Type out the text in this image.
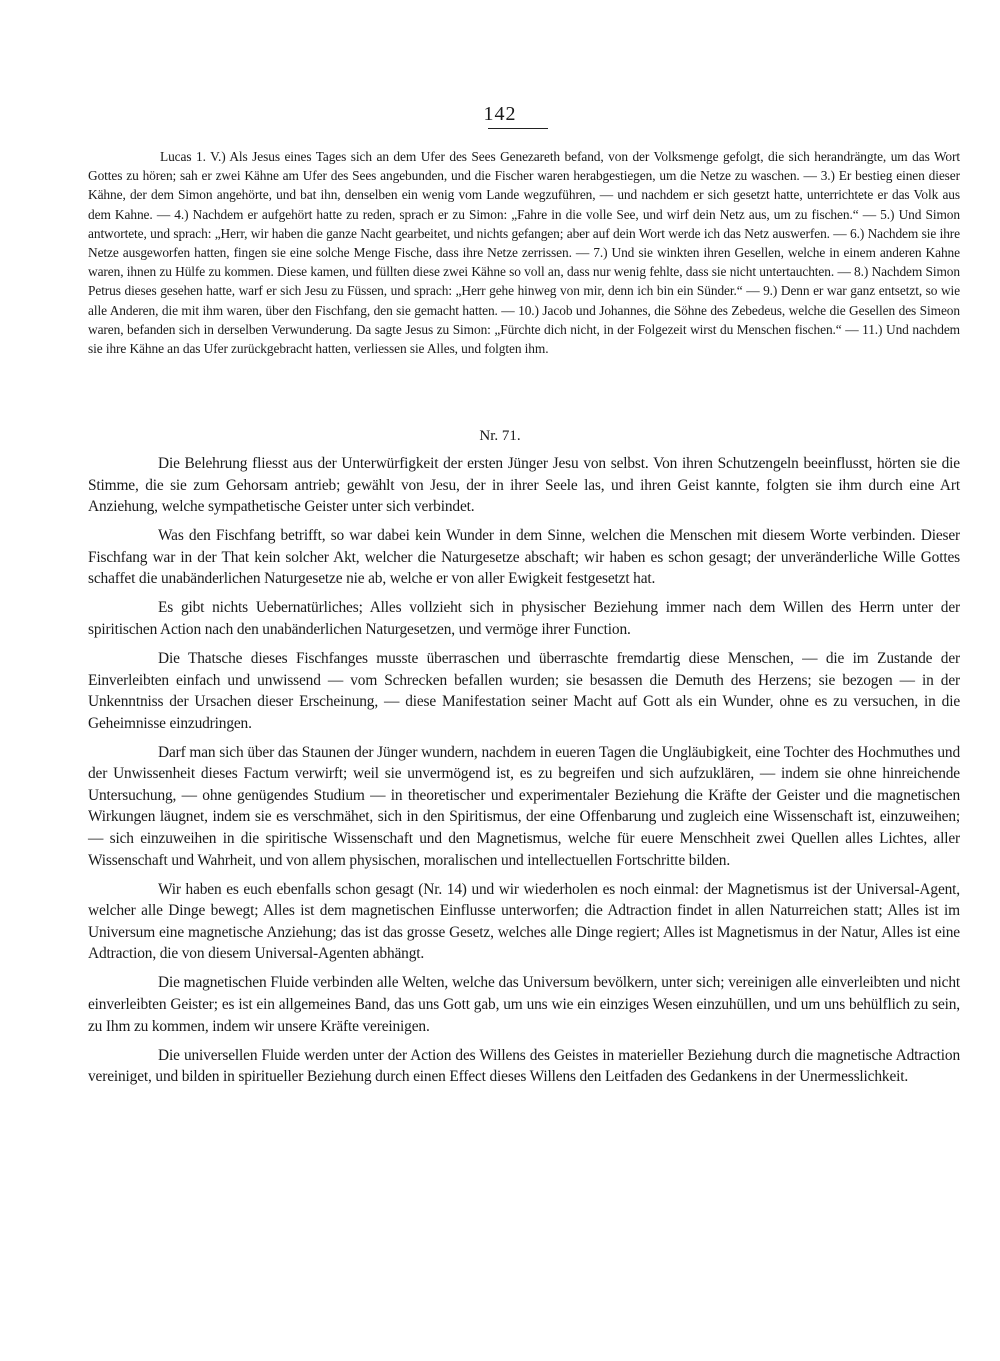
142

Lucas 1. V.) Als Jesus eines Tages sich an dem Ufer des Sees Genezareth befand, von der Volksmenge gefolgt, die sich herandrängte, um das Wort Gottes zu hören; sah er zwei Kähne am Ufer des Sees angebunden, und die Fischer waren herabgestiegen, um die Netze zu waschen. — 3.) Er bestieg einen dieser Kähne, der dem Simon angehörte, und bat ihn, denselben ein wenig vom Lande wegzuführen, — und nachdem er sich gesetzt hatte, unterrichtete er das Volk aus dem Kahne. — 4.) Nachdem er aufgehört hatte zu reden, sprach er zu Simon: „Fahre in die volle See, und wirf dein Netz aus, um zu fischen.“ — 5.) Und Simon antwortete, und sprach: „Herr, wir haben die ganze Nacht gearbeitet, und nichts gefangen; aber auf dein Wort werde ich das Netz auswerfen. — 6.) Nachdem sie ihre Netze ausgeworfen hatten, fingen sie eine solche Menge Fische, dass ihre Netze zerrissen. — 7.) Und sie winkten ihren Gesellen, welche in einem anderen Kahne waren, ihnen zu Hülfe zu kommen. Diese kamen, und füllten diese zwei Kähne so voll an, dass nur wenig fehlte, dass sie nicht untertauchten. — 8.) Nachdem Simon Petrus dieses gesehen hatte, warf er sich Jesu zu Füssen, und sprach: „Herr gehe hinweg von mir, denn ich bin ein Sünder.“ — 9.) Denn er war ganz entsetzt, so wie alle Anderen, die mit ihm waren, über den Fischfang, den sie gemacht hatten. — 10.) Jacob und Johannes, die Söhne des Zebedeus, welche die Gesellen des Simeon waren, befanden sich in derselben Verwunderung. Da sagte Jesus zu Simon: „Fürchte dich nicht, in der Folgezeit wirst du Menschen fischen.“ — 11.) Und nachdem sie ihre Kähne an das Ufer zurückgebracht hatten, verliessen sie Alles, und folgten ihm.

Nr. 71.

Die Belehrung fliesst aus der Unterwürfigkeit der ersten Jünger Jesu von selbst. Von ihren Schutzengeln beeinflusst, hörten sie die Stimme, die sie zum Gehorsam antrieb; gewählt von Jesu, der in ihrer Seele las, und ihren Geist kannte, folgten sie ihm durch eine Art Anziehung, welche sympathetische Geister unter sich verbindet.

Was den Fischfang betrifft, so war dabei kein Wunder in dem Sinne, welchen die Menschen mit diesem Worte verbinden. Dieser Fischfang war in der That kein solcher Akt, welcher die Naturgesetze abschaft; wir haben es schon gesagt; der unveränderliche Wille Gottes schaffet die unabänderlichen Naturgesetze nie ab, welche er von aller Ewigkeit festgesetzt hat.

Es gibt nichts Uebernatürliches; Alles vollzieht sich in physischer Beziehung immer nach dem Willen des Herrn unter der spiritischen Action nach den unabänderlichen Naturgesetzen, und vermöge ihrer Function.

Die Thatsche dieses Fischfanges musste überraschen und überraschte fremdartig diese Menschen, — die im Zustande der Einverleibten einfach und unwissend — vom Schrecken befallen wurden; sie besassen die Demuth des Herzens; sie bezogen — in der Unkenntniss der Ursachen dieser Erscheinung, — diese Manifestation seiner Macht auf Gott als ein Wunder, ohne es zu versuchen, in die Geheimnisse einzudringen.

Darf man sich über das Staunen der Jünger wundern, nachdem in eueren Tagen die Ungläubigkeit, eine Tochter des Hochmuthes und der Unwissenheit dieses Factum verwirft; weil sie unvermögend ist, es zu begreifen und sich aufzuklären, — indem sie ohne hinreichende Untersuchung, — ohne genügendes Studium — in theoretischer und experimentaler Beziehung die Kräfte der Geister und die magnetischen Wirkungen läugnet, indem sie es verschmähet, sich in den Spiritismus, der eine Offenbarung und zugleich eine Wissenschaft ist, einzuweihen; — sich einzuweihen in die spiritische Wissenschaft und den Magnetismus, welche für euere Menschheit zwei Quellen alles Lichtes, aller Wissenschaft und Wahrheit, und von allem physischen, moralischen und intellectuellen Fortschritte bilden.

Wir haben es euch ebenfalls schon gesagt (Nr. 14) und wir wiederholen es noch einmal: der Magnetismus ist der Universal-Agent, welcher alle Dinge bewegt; Alles ist dem magnetischen Einflusse unterworfen; die Adtraction findet in allen Naturreichen statt; Alles ist im Universum eine magnetische Anziehung; das ist das grosse Gesetz, welches alle Dinge regiert; Alles ist Magnetismus in der Natur, Alles ist eine Adtraction, die von diesem Universal-Agenten abhängt.

Die magnetischen Fluide verbinden alle Welten, welche das Universum bevölkern, unter sich; vereinigen alle einverleibten und nicht einverleibten Geister; es ist ein allgemeines Band, das uns Gott gab, um uns wie ein einziges Wesen einzuhüllen, und um uns behülflich zu sein, zu Ihm zu kommen, indem wir unsere Kräfte vereinigen.

Die universellen Fluide werden unter der Action des Willens des Geistes in materieller Beziehung durch die magnetische Adtraction vereiniget, und bilden in spiritueller Beziehung durch einen Effect dieses Willens den Leitfaden des Gedankens in der Unermesslichkeit.
